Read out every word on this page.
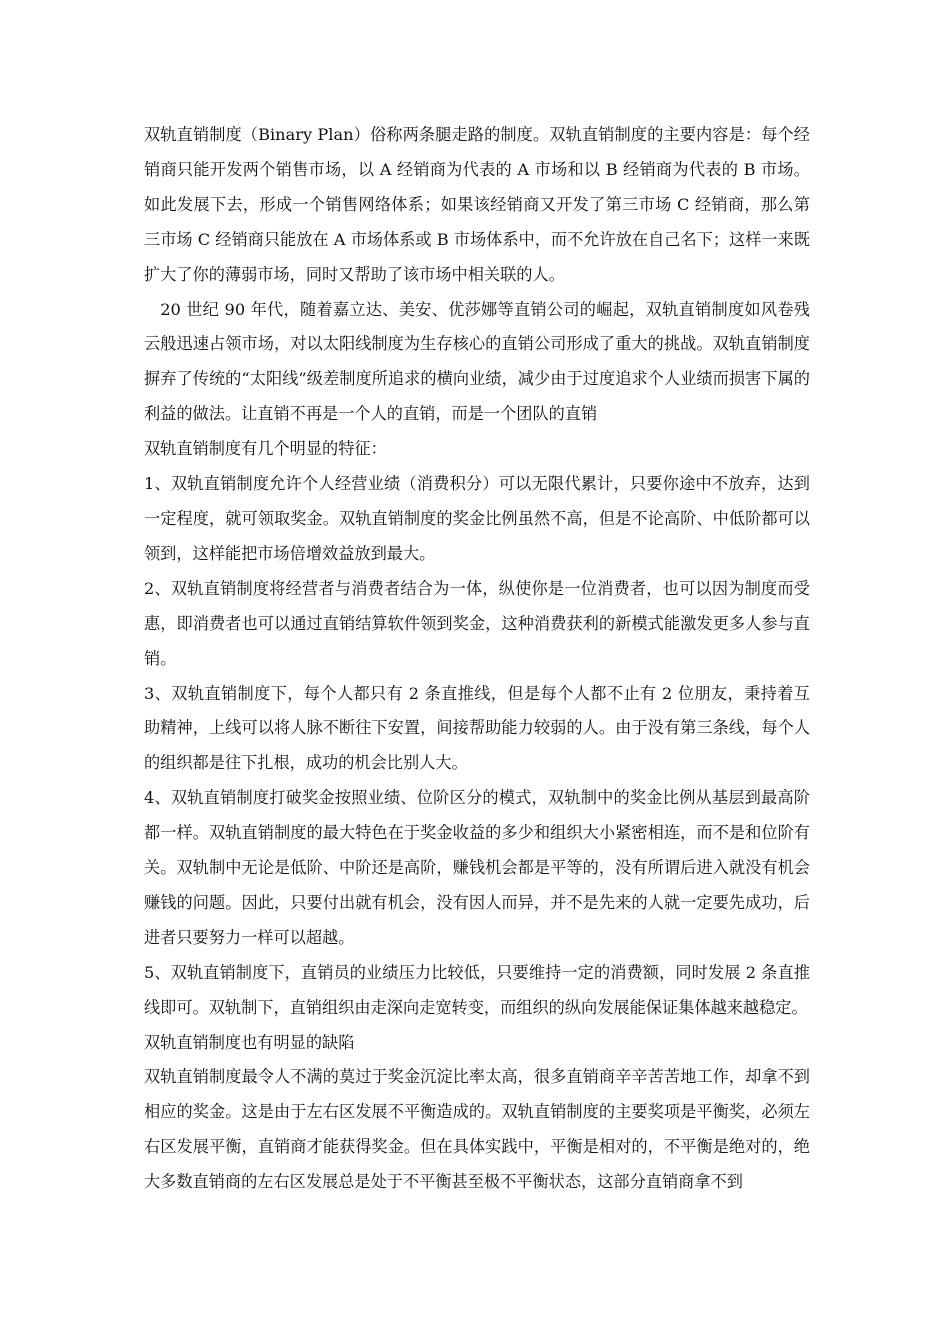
双轨直销制度（Binary Plan）俗称两条腿走路的制度。双轨直销制度的主要内容是：每个经销商只能开发两个销售市场，以 A 经销商为代表的 A 市场和以 B 经销商为代表的 B 市场。如此发展下去，形成一个销售网络体系；如果该经销商又开发了第三市场 C 经销商，那么第三市场 C 经销商只能放在 A 市场体系或 B 市场体系中，而不允许放在自己名下；这样一来既扩大了你的薄弱市场，同时又帮助了该市场中相关联的人。

20 世纪 90 年代，随着嘉立达、美安、优莎娜等直销公司的崛起，双轨直销制度如风卷残云般迅速占领市场，对以太阳线制度为生存核心的直销公司形成了重大的挑战。双轨直销制度摒弃了传统的“太阳线”级差制度所追求的横向业绩，减少由于过度追求个人业绩而损害下属的利益的做法。让直销不再是一个人的直销，而是一个团队的直销

双轨直销制度有几个明显的特征：

1、双轨直销制度允许个人经营业绩（消费积分）可以无限代累计，只要你途中不放弃，达到一定程度，就可领取奖金。双轨直销制度的奖金比例虽然不高，但是不论高阶、中低阶都可以领到，这样能把市场倍增效益放到最大。

2、双轨直销制度将经营者与消费者结合为一体，纵使你是一位消费者，也可以因为制度而受惠，即消费者也可以通过直销结算软件领到奖金，这种消费获利的新模式能激发更多人参与直销。

3、双轨直销制度下，每个人都只有 2 条直推线，但是每个人都不止有 2 位朋友，秉持着互助精神，上线可以将人脉不断往下安置，间接帮助能力较弱的人。由于没有第三条线，每个人的组织都是往下扎根，成功的机会比别人大。

4、双轨直销制度打破奖金按照业绩、位阶区分的模式，双轨制中的奖金比例从基层到最高阶都一样。双轨直销制度的最大特色在于奖金收益的多少和组织大小紧密相连，而不是和位阶有关。双轨制中无论是低阶、中阶还是高阶，赚钱机会都是平等的，没有所谓后进入就没有机会赚钱的问题。因此，只要付出就有机会，没有因人而异，并不是先来的人就一定要先成功，后进者只要努力一样可以超越。

5、双轨直销制度下，直销员的业绩压力比较低，只要维持一定的消费额，同时发展 2 条直推线即可。双轨制下，直销组织由走深向走宽转变，而组织的纵向发展能保证集体越来越稳定。

双轨直销制度也有明显的缺陷

双轨直销制度最令人不满的莫过于奖金沉淀比率太高，很多直销商辛辛苦苦地工作，却拿不到相应的奖金。这是由于左右区发展不平衡造成的。双轨直销制度的主要奖项是平衡奖，必须左右区发展平衡，直销商才能获得奖金。但在具体实践中，平衡是相对的，不平衡是绝对的，绝大多数直销商的左右区发展总是处于不平衡甚至极不平衡状态，这部分直销商拿不到
